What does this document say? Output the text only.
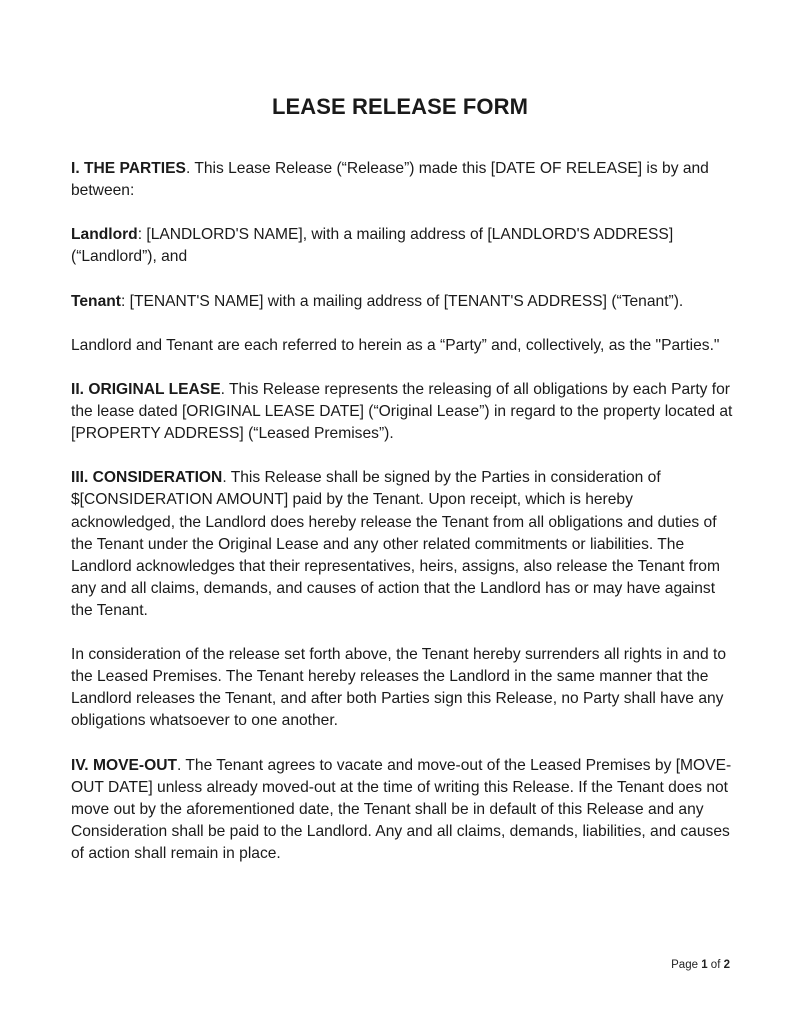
LEASE RELEASE FORM

I. THE PARTIES. This Lease Release (“Release”) made this [DATE OF RELEASE] is by and between:

Landlord: [LANDLORD'S NAME], with a mailing address of [LANDLORD'S ADDRESS] (“Landlord”), and

Tenant: [TENANT'S NAME] with a mailing address of [TENANT'S ADDRESS] (“Tenant”).

Landlord and Tenant are each referred to herein as a “Party” and, collectively, as the "Parties."

II. ORIGINAL LEASE. This Release represents the releasing of all obligations by each Party for the lease dated [ORIGINAL LEASE DATE] (“Original Lease”) in regard to the property located at [PROPERTY ADDRESS] (“Leased Premises”).

III. CONSIDERATION. This Release shall be signed by the Parties in consideration of $[CONSIDERATION AMOUNT] paid by the Tenant. Upon receipt, which is hereby acknowledged, the Landlord does hereby release the Tenant from all obligations and duties of the Tenant under the Original Lease and any other related commitments or liabilities. The Landlord acknowledges that their representatives, heirs, assigns, also release the Tenant from any and all claims, demands, and causes of action that the Landlord has or may have against the Tenant.

In consideration of the release set forth above, the Tenant hereby surrenders all rights in and to the Leased Premises. The Tenant hereby releases the Landlord in the same manner that the Landlord releases the Tenant, and after both Parties sign this Release, no Party shall have any obligations whatsoever to one another.

IV. MOVE-OUT. The Tenant agrees to vacate and move-out of the Leased Premises by [MOVE-OUT DATE] unless already moved-out at the time of writing this Release. If the Tenant does not move out by the aforementioned date, the Tenant shall be in default of this Release and any Consideration shall be paid to the Landlord. Any and all claims, demands, liabilities, and causes of action shall remain in place.

Page 1 of 2
